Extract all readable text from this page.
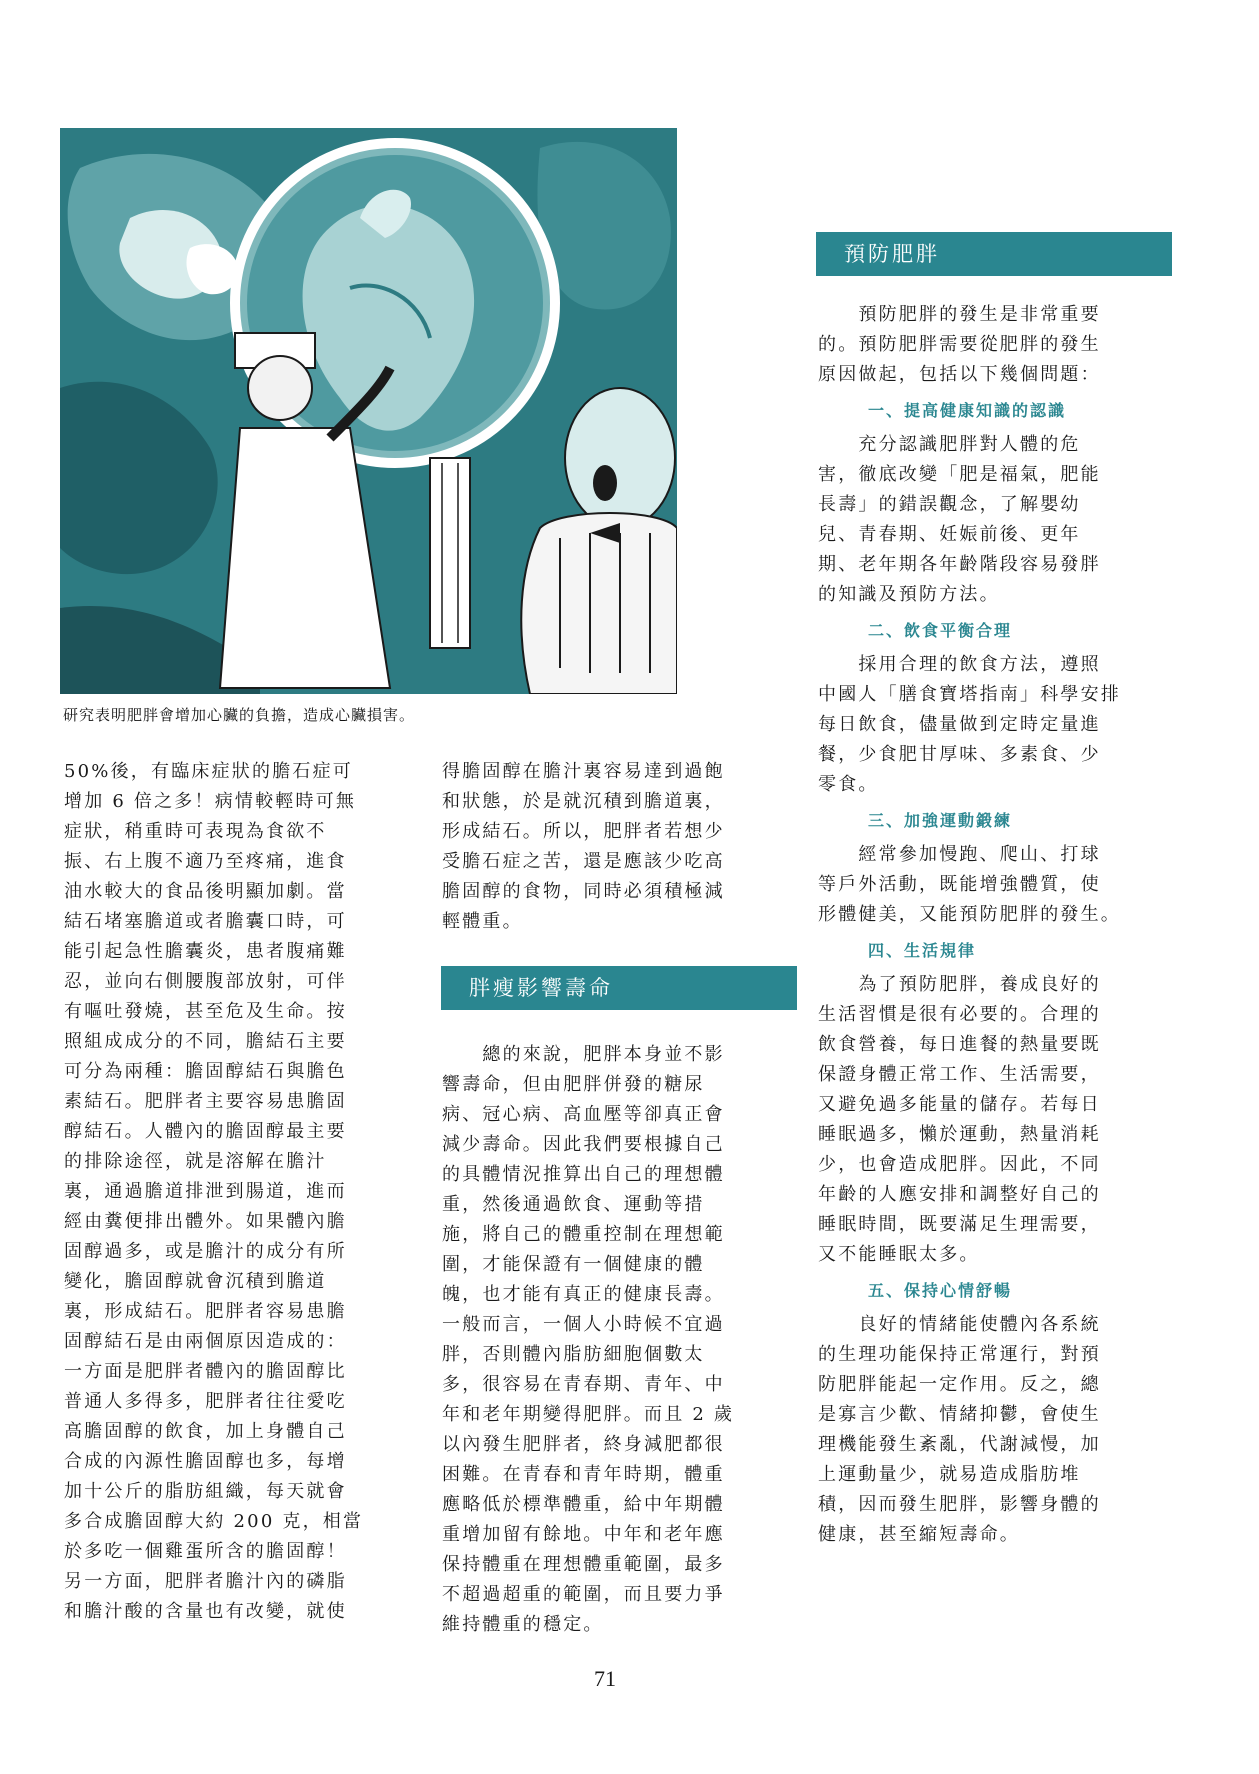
研究表明肥胖會增加心臟的負擔，造成心臟損害。

50%後，有臨床症狀的膽石症可
增加 6 倍之多！病情較輕時可無
症狀，稍重時可表現為食欲不
振、右上腹不適乃至疼痛，進食
油水較大的食品後明顯加劇。當
結石堵塞膽道或者膽囊口時，可
能引起急性膽囊炎，患者腹痛難
忍，並向右側腰腹部放射，可伴
有嘔吐發燒，甚至危及生命。按
照組成成分的不同，膽結石主要
可分為兩種：膽固醇結石與膽色
素結石。肥胖者主要容易患膽固
醇結石。人體內的膽固醇最主要
的排除途徑，就是溶解在膽汁
裏，通過膽道排泄到腸道，進而
經由糞便排出體外。如果體內膽
固醇過多，或是膽汁的成分有所
變化，膽固醇就會沉積到膽道
裏，形成結石。肥胖者容易患膽
固醇結石是由兩個原因造成的：
一方面是肥胖者體內的膽固醇比
普通人多得多，肥胖者往往愛吃
高膽固醇的飲食，加上身體自己
合成的內源性膽固醇也多，每增
加十公斤的脂肪組織，每天就會
多合成膽固醇大約 200 克，相當
於多吃一個雞蛋所含的膽固醇！
另一方面，肥胖者膽汁內的磷脂
和膽汁酸的含量也有改變，就使

得膽固醇在膽汁裏容易達到過飽
和狀態，於是就沉積到膽道裏，
形成結石。所以，肥胖者若想少
受膽石症之苦，還是應該少吃高
膽固醇的食物，同時必須積極減
輕體重。

胖瘦影響壽命

　　總的來說，肥胖本身並不影
響壽命，但由肥胖併發的糖尿
病、冠心病、高血壓等卻真正會
減少壽命。因此我們要根據自己
的具體情況推算出自己的理想體
重，然後通過飲食、運動等措
施，將自己的體重控制在理想範
圍，才能保證有一個健康的體
魄，也才能有真正的健康長壽。
一般而言，一個人小時候不宜過
胖，否則體內脂肪細胞個數太
多，很容易在青春期、青年、中
年和老年期變得肥胖。而且 2 歲
以內發生肥胖者，終身減肥都很
困難。在青春和青年時期，體重
應略低於標準體重，給中年期體
重增加留有餘地。中年和老年應
保持體重在理想體重範圍，最多
不超過超重的範圍，而且要力爭
維持體重的穩定。

預防肥胖

　　預防肥胖的發生是非常重要
的。預防肥胖需要從肥胖的發生
原因做起，包括以下幾個問題：

一、提高健康知識的認識

　　充分認識肥胖對人體的危
害，徹底改變「肥是福氣，肥能
長壽」的錯誤觀念，了解嬰幼
兒、青春期、妊娠前後、更年
期、老年期各年齡階段容易發胖
的知識及預防方法。

二、飲食平衡合理

　　採用合理的飲食方法，遵照
中國人「膳食寶塔指南」科學安排
每日飲食，儘量做到定時定量進
餐，少食肥甘厚味、多素食、少
零食。

三、加強運動鍛練

　　經常參加慢跑、爬山、打球
等戶外活動，既能增強體質，使
形體健美，又能預防肥胖的發生。

四、生活規律

　　為了預防肥胖，養成良好的
生活習慣是很有必要的。合理的
飲食營養，每日進餐的熱量要既
保證身體正常工作、生活需要，
又避免過多能量的儲存。若每日
睡眠過多，懶於運動，熱量消耗
少，也會造成肥胖。因此，不同
年齡的人應安排和調整好自己的
睡眠時間，既要滿足生理需要，
又不能睡眠太多。

五、保持心情舒暢

　　良好的情緒能使體內各系統
的生理功能保持正常運行，對預
防肥胖能起一定作用。反之，總
是寡言少歡、情緒抑鬱，會使生
理機能發生紊亂，代謝減慢，加
上運動量少，就易造成脂肪堆
積，因而發生肥胖，影響身體的
健康，甚至縮短壽命。

71
